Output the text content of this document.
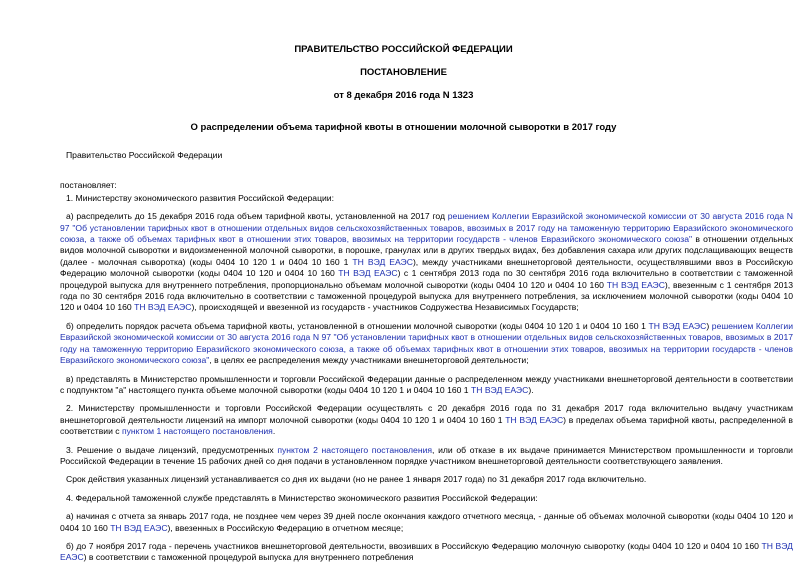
ПРАВИТЕЛЬСТВО РОССИЙСКОЙ ФЕДЕРАЦИИ
ПОСТАНОВЛЕНИЕ
от 8 декабря 2016 года N 1323
О распределении объема тарифной квоты в отношении молочной сыворотки в 2017 году

Правительство Российской Федерации

постановляет:

1. Министерству экономического развития Российской Федерации:

а) распределить до 15 декабря 2016 года объем тарифной квоты, установленной на 2017 год решением Коллегии Евразийской экономической комиссии от 30 августа 2016 года N 97 "Об установлении тарифных квот в отношении отдельных видов сельскохозяйственных товаров, ввозимых в 2017 году на таможенную территорию Евразийского экономического союза, а также об объемах тарифных квот в отношении этих товаров, ввозимых на территории государств - членов Евразийского экономического союза" в отношении отдельных видов молочной сыворотки и видоизмененной молочной сыворотки, в порошке, гранулах или в других твердых видах, без добавления сахара или других подслащивающих веществ (далее - молочная сыворотка) (коды 0404 10 120 1 и 0404 10 160 1 ТН ВЭД ЕАЭС), между участниками внешнеторговой деятельности, осуществлявшими ввоз в Российскую Федерацию молочной сыворотки (коды 0404 10 120 и 0404 10 160 ТН ВЭД ЕАЭС) с 1 сентября 2013 года по 30 сентября 2016 года включительно в соответствии с таможенной процедурой выпуска для внутреннего потребления, пропорционально объемам молочной сыворотки (коды 0404 10 120 и 0404 10 160 ТН ВЭД ЕАЭС), ввезенным с 1 сентября 2013 года по 30 сентября 2016 года включительно в соответствии с таможенной процедурой выпуска для внутреннего потребления, за исключением молочной сыворотки (коды 0404 10 120 и 0404 10 160 ТН ВЭД ЕАЭС), происходящей и ввезенной из государств - участников Содружества Независимых Государств;

б) определить порядок расчета объема тарифной квоты, установленной в отношении молочной сыворотки (коды 0404 10 120 1 и 0404 10 160 1 ТН ВЭД ЕАЭС) решением Коллегии Евразийской экономической комиссии от 30 августа 2016 года N 97 "Об установлении тарифных квот в отношении отдельных видов сельскохозяйственных товаров, ввозимых в 2017 году на таможенную территорию Евразийского экономического союза, а также об объемах тарифных квот в отношении этих товаров, ввозимых на территории государств - членов Евразийского экономического союза", в целях ее распределения между участниками внешнеторговой деятельности;

в) представлять в Министерство промышленности и торговли Российской Федерации данные о распределенном между участниками внешнеторговой деятельности в соответствии с подпунктом "а" настоящего пункта объеме молочной сыворотки (коды 0404 10 120 1 и 0404 10 160 1 ТН ВЭД ЕАЭС).

2. Министерству промышленности и торговли Российской Федерации осуществлять с 20 декабря 2016 года по 31 декабря 2017 года включительно выдачу участникам внешнеторговой деятельности лицензий на импорт молочной сыворотки (коды 0404 10 120 1 и 0404 10 160 1 ТН ВЭД ЕАЭС) в пределах объема тарифной квоты, распределенной в соответствии с пунктом 1 настоящего постановления.

3. Решение о выдаче лицензий, предусмотренных пунктом 2 настоящего постановления, или об отказе в их выдаче принимается Министерством промышленности и торговли Российской Федерации в течение 15 рабочих дней со дня подачи в установленном порядке участником внешнеторговой деятельности соответствующего заявления.

Срок действия указанных лицензий устанавливается со дня их выдачи (но не ранее 1 января 2017 года) по 31 декабря 2017 года включительно.

4. Федеральной таможенной службе представлять в Министерство экономического развития Российской Федерации:

а) начиная с отчета за январь 2017 года, не позднее чем через 39 дней после окончания каждого отчетного месяца, - данные об объемах молочной сыворотки (коды 0404 10 120 и 0404 10 160 ТН ВЭД ЕАЭС), ввезенных в Российскую Федерацию в отчетном месяце;

б) до 7 ноября 2017 года - перечень участников внешнеторговой деятельности, ввозивших в Российскую Федерацию молочную сыворотку (коды 0404 10 120 и 0404 10 160 ТН ВЭД ЕАЭС) в соответствии с таможенной процедурой выпуска для внутреннего потребления
